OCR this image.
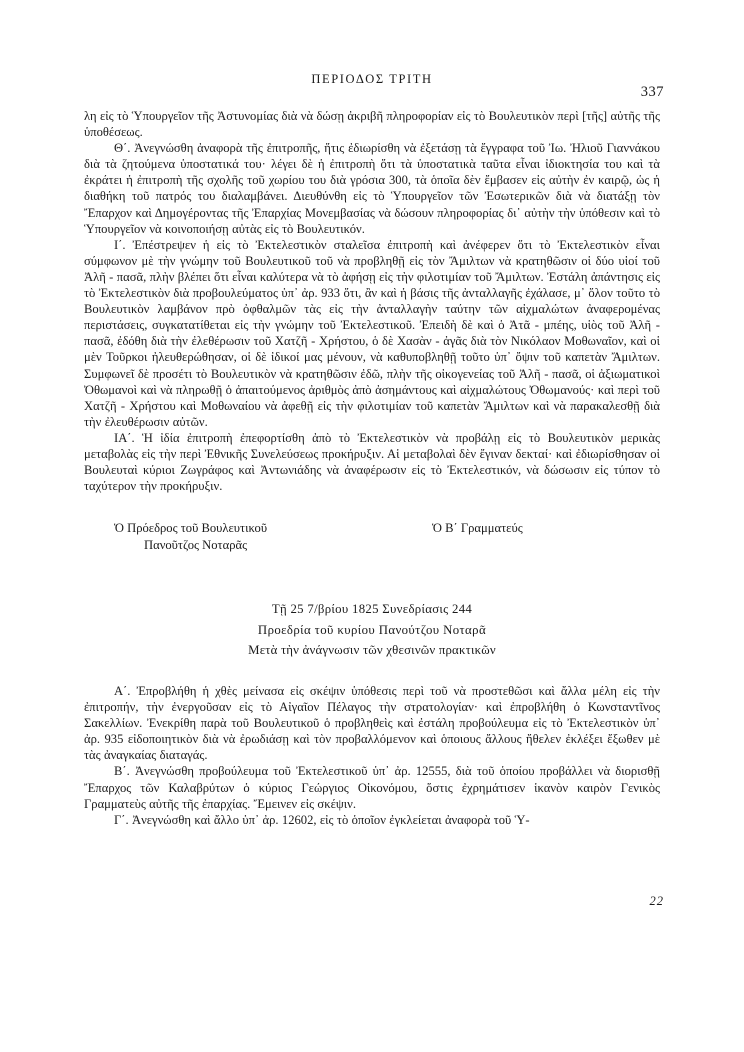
ΠΕΡΙΟΔΟΣ ΤΡΙΤΗ
337

λη εἰς τὸ Ὑπουργεῖον τῆς Ἀστυνομίας διὰ νὰ δώσῃ ἀκριβῆ πληροφορίαν εἰς τὸ Βουλευτικὸν περὶ [τῆς] αὐτῆς τῆς ὑποθέσεως.

Θ΄. Ἀνεγνώσθη ἀναφορὰ τῆς ἐπιτροπῆς, ἥτις ἐδιωρίσθη νὰ ἐξετάσῃ τὰ ἔγγραφα τοῦ Ἰω. Ἠλιοῦ Γιαννάκου διὰ τὰ ζητούμενα ὑποστατικά του· λέγει δὲ ἡ ἐπιτροπὴ ὅτι τὰ ὑποστατικὰ ταῦτα εἶναι ἰδιοκτησία του καὶ τὰ ἐκράτει ἡ ἐπιτροπὴ τῆς σχολῆς τοῦ χωρίου του διὰ γρόσια 300, τὰ ὁποῖα δὲν ἔμβασεν εἰς αὐτὴν ἐν καιρῷ, ὡς ἡ διαθήκη τοῦ πατρός του διαλαμβάνει. Διευθύνθη εἰς τὸ Ὑπουργεῖον τῶν Ἐσωτερικῶν διὰ νὰ διατάξῃ τὸν Ἔπαρχον καὶ Δημογέροντας τῆς Ἐπαρχίας Μονεμβασίας νὰ δώσουν πληροφορίας δι᾽ αὐτὴν τὴν ὑπόθεσιν καὶ τὸ Ὑπουργεῖον νὰ κοινοποιήσῃ αὐτὰς εἰς τὸ Βουλευτικόν.

Ι΄. Ἐπέστρεψεν ἡ εἰς τὸ Ἐκτελεστικὸν σταλεῖσα ἐπιτροπὴ καὶ ἀνέφερεν ὅτι τὸ Ἐκτελεστικὸν εἶναι σύμφωνον μὲ τὴν γνώμην τοῦ Βουλευτικοῦ τοῦ νὰ προβληθῇ εἰς τὸν Ἄμιλτων νὰ κρατηθῶσιν οἱ δύο υἱοί τοῦ Ἀλῆ - πασᾶ, πλὴν βλέπει ὅτι εἶναι καλύτερα νὰ τὸ ἀφήσῃ εἰς τὴν φιλοτιμίαν τοῦ Ἄμιλτων. Ἐστάλη ἀπάντησις εἰς τὸ Ἐκτελεστικὸν διὰ προβουλεύματος ὑπ᾽ ἀρ. 933 ὅτι, ἂν καὶ ἡ βάσις τῆς ἀνταλλαγῆς ἐχάλασε, μ᾽ ὅλον τοῦτο τὸ Βουλευτικὸν λαμβάνον πρὸ ὀφθαλμῶν τὰς εἰς τὴν ἀνταλλαγὴν ταύτην τῶν αἰχμαλώτων ἀναφερομένας περιστάσεις, συγκατατίθεται εἰς τὴν γνώμην τοῦ Ἐκτελεστικοῦ. Ἐπειδὴ δὲ καὶ ὁ Ἀτᾶ - μπέης, υἱὸς τοῦ Ἀλῆ - πασᾶ, ἐδόθη διὰ τὴν ἐλεθέρωσιν τοῦ Χατζῆ - Χρήστου, ὁ δὲ Χασὰν - ἀγᾶς διὰ τὸν Νικόλαον Μοθωναῖον, καὶ οἱ μὲν Τοῦρκοι ἠλευθερώθησαν, οἱ δὲ ἰδικοί μας μένουν, νὰ καθυποβληθῇ τοῦτο ὑπ᾽ ὄψιν τοῦ καπετὰν Ἄμιλτων. Συμφωνεῖ δὲ προσέτι τὸ Βουλευτικὸν νὰ κρατηθῶσιν ἐδῶ, πλὴν τῆς οἰκογενείας τοῦ Ἀλῆ - πασᾶ, οἱ ἀξιωματικοὶ Ὀθωμανοὶ καὶ νὰ πληρωθῇ ὁ ἀπαιτούμενος ἀριθμὸς ἀπὸ ἀσημάντους καὶ αἰχμαλώτους Ὀθωμανούς· καὶ περὶ τοῦ Χατζῆ - Χρήστου καὶ Μοθωναίου νὰ ἀφεθῇ εἰς τὴν φιλοτιμίαν τοῦ καπετὰν Ἄμιλτων καὶ νὰ παρακαλεσθῇ διὰ τὴν ἐλευθέρωσιν αὐτῶν.

ΙΑ΄. Ἡ ἰδία ἐπιτροπὴ ἐπεφορτίσθη ἀπὸ τὸ Ἐκτελεστικὸν νὰ προβάλῃ εἰς τὸ Βουλευτικὸν μερικὰς μεταβολὰς εἰς τὴν περὶ Ἐθνικῆς Συνελεύσεως προκήρυξιν. Αἱ μεταβολαὶ δὲν ἔγιναν δεκταί· καὶ ἐδιωρίσθησαν οἱ Βουλευταὶ κύριοι Ζωγράφος καὶ Ἀντωνιάδης νὰ ἀναφέρωσιν εἰς τὸ Ἐκτελεστικόν, νὰ δώσωσιν εἰς τύπον τὸ ταχύτερον τὴν προκήρυξιν.

Ὁ Πρόεδρος τοῦ Βουλευτικοῦ
Πανοῦτζος Νοταρᾶς
Ὁ Β΄ Γραμματεύς
Τῇ 25 7/βρίου 1825 Συνεδρίασις 244
Προεδρία τοῦ κυρίου Πανούτζου Νοταρᾶ
Μετὰ τὴν ἀνάγνωσιν τῶν χθεσινῶν πρακτικῶν

Α΄. Ἐπροβλήθη ἡ χθὲς μείνασα εἰς σκέψιν ὑπόθεσις περὶ τοῦ νὰ προστεθῶσι καὶ ἄλλα μέλη εἰς τὴν ἐπιτροπήν, τὴν ἐνεργοῦσαν εἰς τὸ Αἰγαῖον Πέλαγος τὴν στρατολογίαν· καὶ ἐπροβλήθη ὁ Κωνσταντῖνος Σακελλίων. Ἐνεκρίθη παρὰ τοῦ Βουλευτικοῦ ὁ προβληθεὶς καὶ ἐστάλη προβούλευμα εἰς τὸ Ἐκτελεστικὸν ὑπ᾽ ἀρ. 935 εἰδοποιητικὸν διὰ νὰ ἐρωδιάσῃ καὶ τὸν προβαλλόμενον καὶ ὁποιους ἄλλους ἤθελεν ἐκλέξει ἔξωθεν μὲ τὰς ἀναγκαίας διαταγάς.

Β΄. Ἀνεγνώσθη προβούλευμα τοῦ Ἐκτελεστικοῦ ὑπ᾽ ἀρ. 12555, διὰ τοῦ ὁποίου προβάλλει νὰ διορισθῇ Ἔπαρχος τῶν Καλαβρύτων ὁ κύριος Γεώργιος Οἰκονόμου, ὅστις ἐχρημάτισεν ἱκανὸν καιρὸν Γενικὸς Γραμματεὺς αὐτῆς τῆς ἐπαρχίας. Ἔμεινεν εἰς σκέψιν.

Γ΄. Ἀνεγνώσθη καὶ ἄλλο ὑπ᾽ ἀρ. 12602, εἰς τὸ ὁποῖον ἐγκλείεται ἀναφορὰ τοῦ Ὑ-

22
